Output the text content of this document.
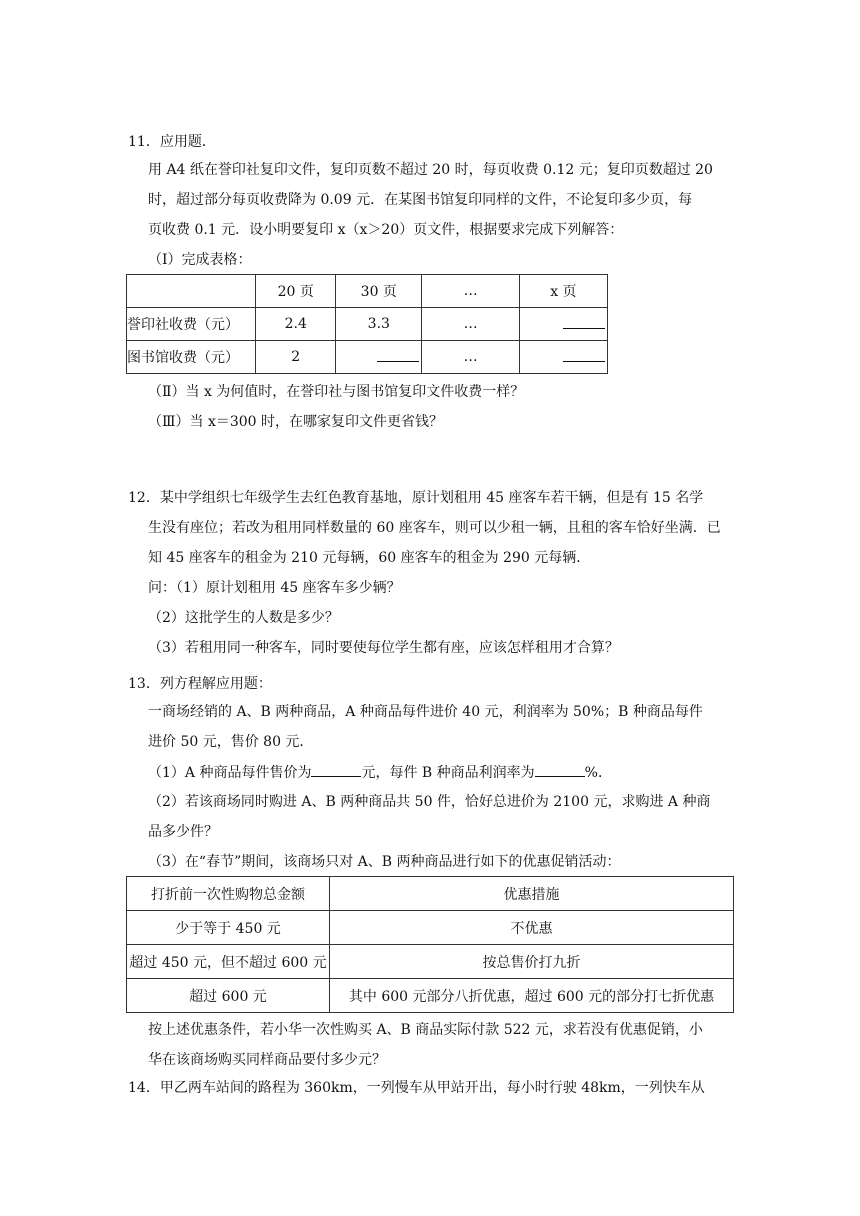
11．应用题．
用 A4 纸在誉印社复印文件，复印页数不超过 20 时，每页收费 0.12 元；复印页数超过 20
时，超过部分每页收费降为 0.09 元．在某图书馆复印同样的文件，不论复印多少页，每
页收费 0.1 元．设小明要复印 x（x＞20）页文件，根据要求完成下列解答：
（Ⅰ）完成表格：
	20 页	30 页	…	x 页
誉印社收费（元）	2.4	3.3	…	
图书馆收费（元）	2		…	
（Ⅱ）当 x 为何值时，在誉印社与图书馆复印文件收费一样？
（Ⅲ）当 x＝300 时，在哪家复印文件更省钱？
12．某中学组织七年级学生去红色教育基地，原计划租用 45 座客车若干辆，但是有 15 名学
生没有座位；若改为租用同样数量的 60 座客车，则可以少租一辆，且租的客车恰好坐满．已
知 45 座客车的租金为 210 元每辆，60 座客车的租金为 290 元每辆．
问：（1）原计划租用 45 座客车多少辆？
（2）这批学生的人数是多少？
（3）若租用同一种客车，同时要使每位学生都有座，应该怎样租用才合算？
13．列方程解应用题：
一商场经销的 A、B 两种商品，A 种商品每件进价 40 元，利润率为 50%；B 种商品每件
进价 50 元，售价 80 元．
（1）A 种商品每件售价为	元，每件 B 种商品利润率为	%．
（2）若该商场同时购进 A、B 两种商品共 50 件，恰好总进价为 2100 元，求购进 A 种商
品多少件？
（3）在“春节”期间，该商场只对 A、B 两种商品进行如下的优惠促销活动：
打折前一次性购物总金额	优惠措施
少于等于 450 元	不优惠
超过 450 元，但不超过 600 元	按总售价打九折
超过 600 元	其中 600 元部分八折优惠，超过 600 元的部分打七折优惠
按上述优惠条件，若小华一次性购买 A、B 商品实际付款 522 元，求若没有优惠促销，小
华在该商场购买同样商品要付多少元？
14．甲乙两车站间的路程为 360km，一列慢车从甲站开出，每小时行驶 48km，一列快车从
